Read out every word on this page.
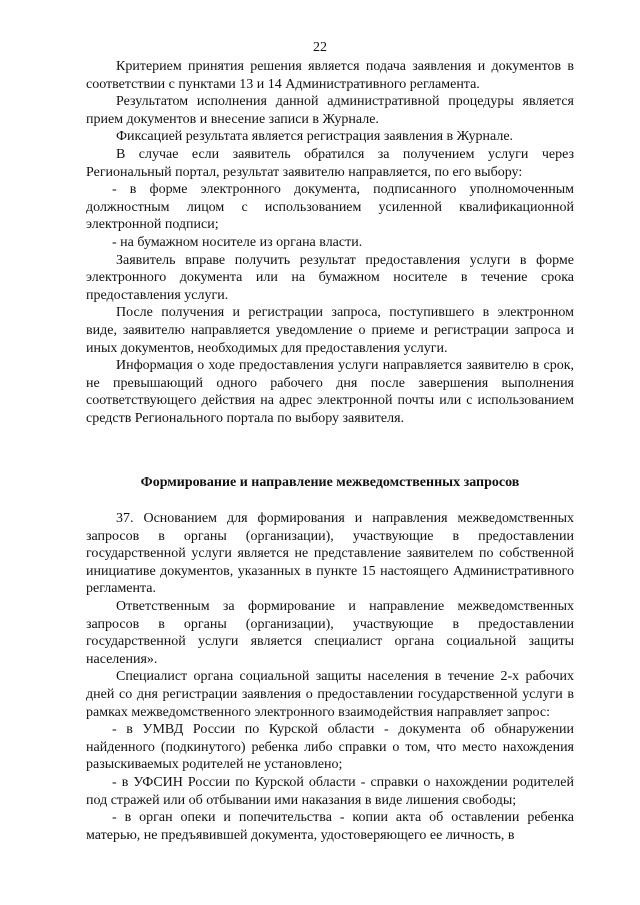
22

Критерием принятия решения является подача заявления и документов в соответствии с пунктами 13 и 14 Административного регламента.

Результатом исполнения данной административной процедуры является прием документов и внесение записи в Журнале.

Фиксацией результата является регистрация заявления в Журнале.

В случае если заявитель обратился за получением услуги через Региональный портал, результат заявителю направляется, по его выбору:

- в форме электронного документа, подписанного уполномоченным должностным лицом с использованием усиленной квалификационной электронной подписи;

- на бумажном носителе из органа власти.

Заявитель вправе получить результат предоставления услуги в форме электронного документа или на бумажном носителе в течение срока предоставления услуги.

После получения и регистрации запроса, поступившего в электронном виде, заявителю направляется уведомление о приеме и регистрации запроса и иных документов, необходимых для предоставления услуги.

Информация о ходе предоставления услуги направляется заявителю в срок, не превышающий одного рабочего дня после завершения выполнения соответствующего действия на адрес электронной почты или с использованием средств Регионального портала по выбору заявителя.

Формирование и направление межведомственных запросов

37. Основанием для формирования и направления межведомственных запросов в органы (организации), участвующие в предоставлении государственной услуги является не представление заявителем по собственной инициативе документов, указанных в пункте 15 настоящего Административного регламента.

Ответственным за формирование и направление межведомственных запросов в органы (организации), участвующие в предоставлении государственной услуги является специалист органа социальной защиты населения».

Специалист органа социальной защиты населения в течение 2-х рабочих дней со дня регистрации заявления о предоставлении государственной услуги в рамках межведомственного электронного взаимодействия направляет запрос:

- в УМВД России по Курской области - документа об обнаружении найденного (подкинутого) ребенка либо справки о том, что место нахождения разыскиваемых родителей не установлено;

- в УФСИН России по Курской области - справки о нахождении родителей под стражей или об отбывании ими наказания в виде лишения свободы;

- в орган опеки и попечительства - копии акта об оставлении ребенка матерью, не предъявившей документа, удостоверяющего ее личность, в
